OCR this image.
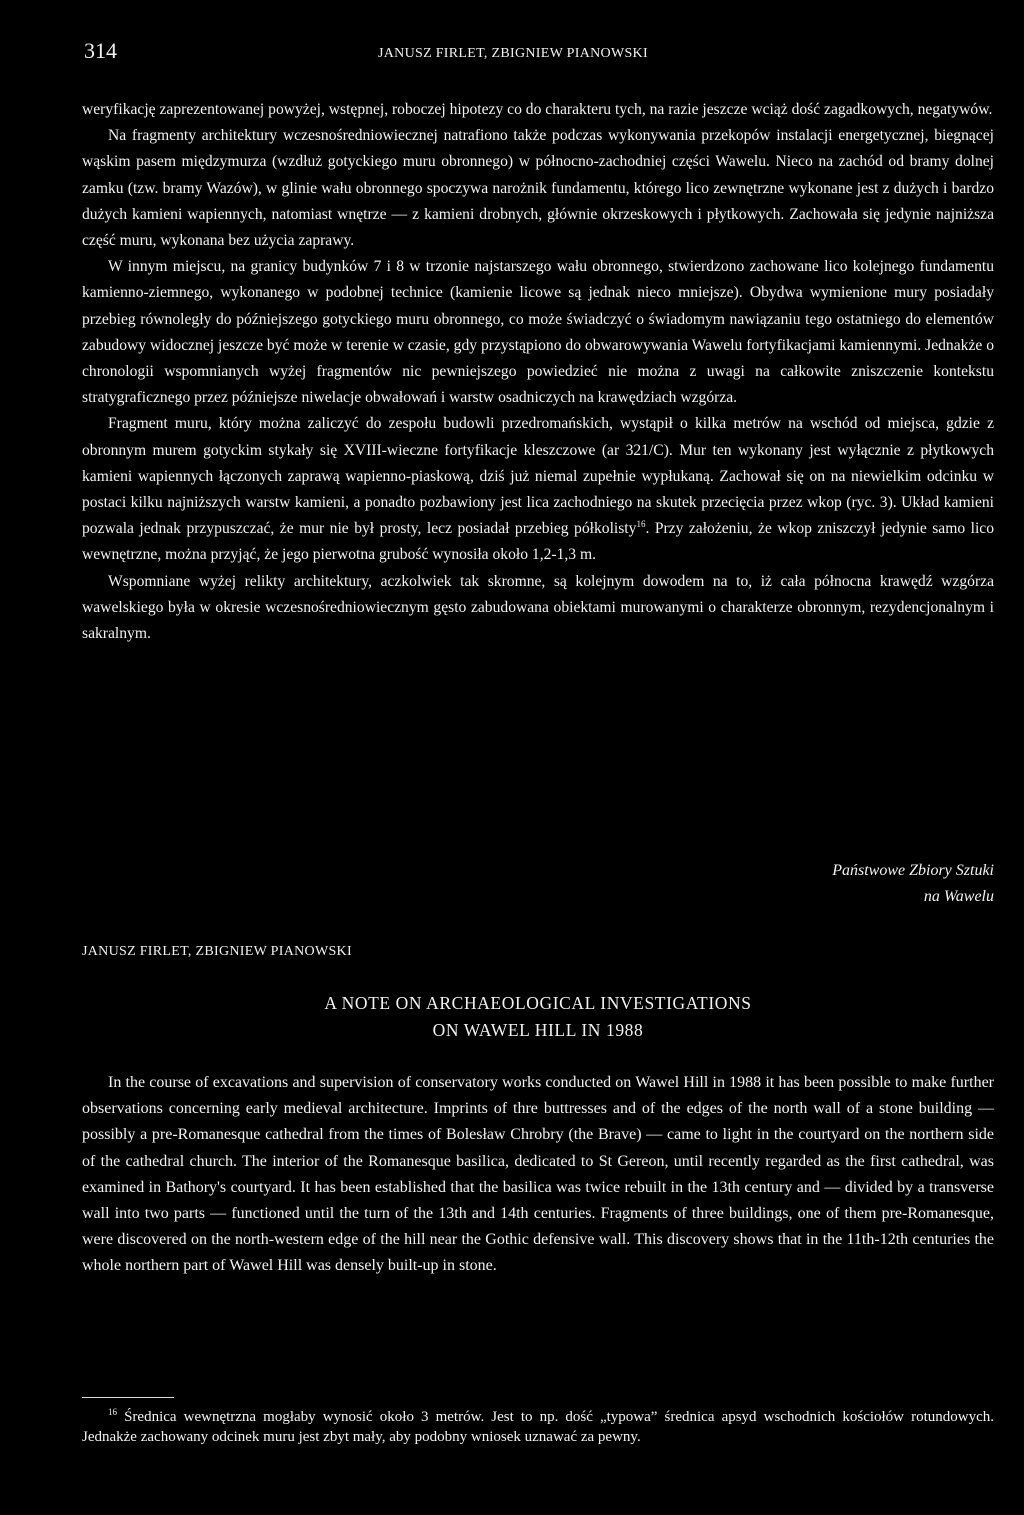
314	JANUSZ FIRLET, ZBIGNIEW PIANOWSKI

weryfikację zaprezentowanej powyżej, wstępnej, roboczej hipotezy co do charakteru tych, na razie jeszcze wciąż dość zagadkowych, negatywów.

Na fragmenty architektury wczesnośredniowiecznej natrafiono także podczas wykonywania przekopów instalacji energetycznej, biegnącej wąskim pasem międzymurza (wzdłuż gotyckiego muru obronnego) w północno-zachodniej części Wawelu. Nieco na zachód od bramy dolnej zamku (tzw. bramy Wazów), w glinie wału obronnego spoczywa narożnik fundamentu, którego lico zewnętrzne wykonane jest z dużych i bardzo dużych kamieni wapiennych, natomiast wnętrze — z kamieni drobnych, głównie okrzeskowych i płytkowych. Zachowała się jedynie najniższa część muru, wykonana bez użycia zaprawy.

W innym miejscu, na granicy budynków 7 i 8 w trzonie najstarszego wału obronnego, stwierdzono zachowane lico kolejnego fundamentu kamienno-ziemnego, wykonanego w podobnej technice (kamienie licowe są jednak nieco mniejsze). Obydwa wymienione mury posiadały przebieg równoległy do późniejszego gotyckiego muru obronnego, co może świadczyć o świadomym nawiązaniu tego ostatniego do elementów zabudowy widocznej jeszcze być może w terenie w czasie, gdy przystąpiono do obwarowywania Wawelu fortyfikacjami kamiennymi. Jednakże o chronologii wspomnianych wyżej fragmentów nic pewniejszego powiedzieć nie można z uwagi na całkowite zniszczenie kontekstu stratygraficznego przez późniejsze niwelacje obwałowań i warstw osadniczych na krawędziach wzgórza.

Fragment muru, który można zaliczyć do zespołu budowli przedromańskich, wystąpił o kilka metrów na wschód od miejsca, gdzie z obronnym murem gotyckim stykały się XVIII-wieczne fortyfikacje kleszczowe (ar 321/C). Mur ten wykonany jest wyłącznie z płytkowych kamieni wapiennych łączonych zaprawą wapienno-piaskową, dziś już niemal zupełnie wypłukaną. Zachował się on na niewielkim odcinku w postaci kilku najniższych warstw kamieni, a ponadto pozbawiony jest lica zachodniego na skutek przecięcia przez wkop (ryc. 3). Układ kamieni pozwala jednak przypuszczać, że mur nie był prosty, lecz posiadał przebieg półkolisty$^{16}$. Przy założeniu, że wkop zniszczył jedynie samo lico wewnętrzne, można przyjąć, że jego pierwotna grubość wynosiła około 1,2-1,3 m.

Wspomniane wyżej relikty architektury, aczkolwiek tak skromne, są kolejnym dowodem na to, iż cała północna krawędź wzgórza wawelskiego była w okresie wczesnośredniowiecznym gęsto zabudowana obiektami murowanymi o charakterze obronnym, rezydencjonalnym i sakralnym.

Państwowe Zbiory Sztuki
na Wawelu
JANUSZ FIRLET, ZBIGNIEW PIANOWSKI
A NOTE ON ARCHAEOLOGICAL INVESTIGATIONS
ON WAWEL HILL IN 1988

In the course of excavations and supervision of conservatory works conducted on Wawel Hill in 1988 it has been possible to make further observations concerning early medieval architecture. Imprints of thre buttresses and of the edges of the north wall of a stone building — possibly a pre-Romanesque cathedral from the times of Bolesław Chrobry (the Brave) — came to light in the courtyard on the northern side of the cathedral church. The interior of the Romanesque basilica, dedicated to St Gereon, until recently regarded as the first cathedral, was examined in Bathory's courtyard. It has been established that the basilica was twice rebuilt in the 13th century and — divided by a transverse wall into two parts — functioned until the turn of the 13th and 14th centuries. Fragments of three buildings, one of them pre-Romanesque, were discovered on the north-western edge of the hill near the Gothic defensive wall. This discovery shows that in the 11th-12th centuries the whole northern part of Wawel Hill was densely built-up in stone.

$^{16}$ Średnica wewnętrzna mogłaby wynosić około 3 metrów. Jest to np. dość „typowa” średnica apsyd wschodnich kościołów rotundowych. Jednakże zachowany odcinek muru jest zbyt mały, aby podobny wniosek uznawać za pewny.
